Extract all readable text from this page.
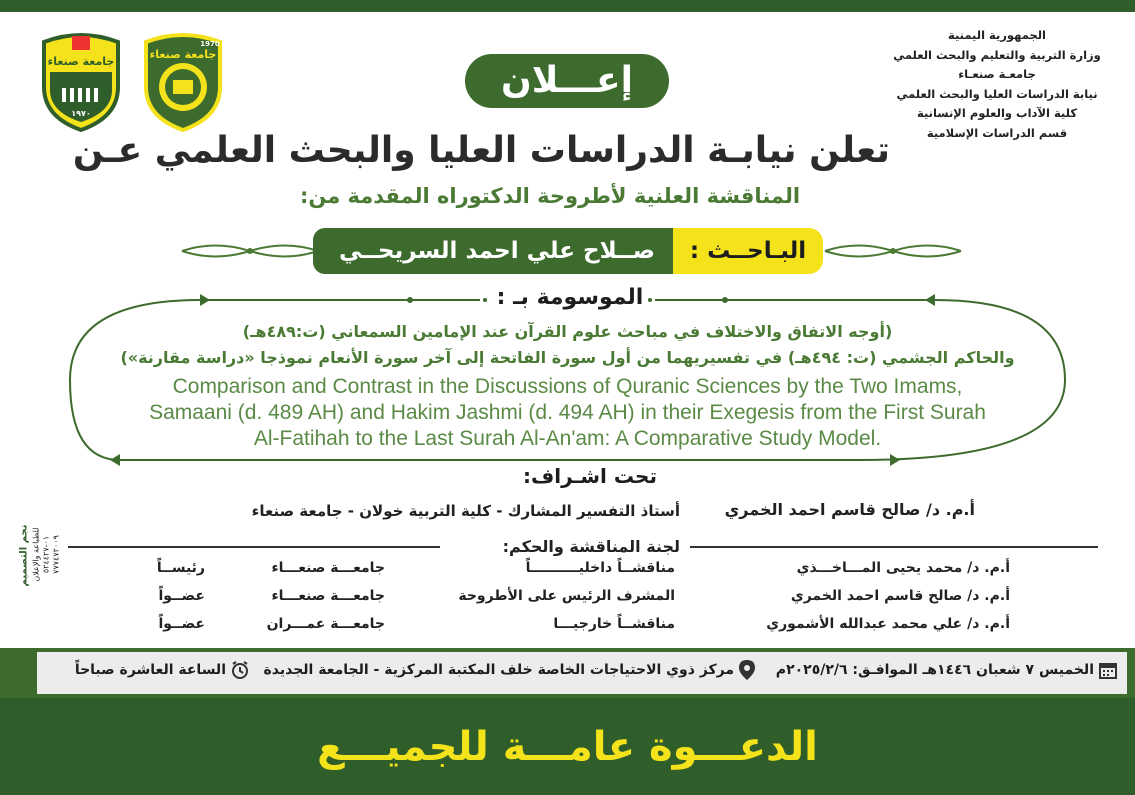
الجمهورية اليمنية
وزارة التربية والتعليم والبحث العلمي
جامعـة صنعـاء
نيابة الدراسات العليا والبحث العلمي
كلية الآداب والعلوم الإنسانية
قسم الدراسات الإسلامية
جامعة صنعاء
١٩٧٠
جامعة صنعاء
1970
إعـــلان
تعلن نيابـة الدراسات العليا والبحث العلمي عـن
المناقشة العلنية لأطروحة الدكتوراه المقدمة من:
صــلاح علي احمد السريحــي	البـاحــث :
الموسومة بـ :
(أوجه الاتفاق والاختلاف في مباحث علوم القرآن عند الإمامين السمعاني (ت:٤٨٩هـ)
والحاكم الجشمي (ت: ٤٩٤هـ) في تفسيريهما من أول سورة الفاتحة إلى آخر سورة الأنعام نموذجا «دراسة مقارنة»)
Comparison and Contrast in the Discussions of Quranic Sciences by the Two Imams,
Samaani (d. 489 AH) and Hakim Jashmi (d. 494 AH) in their Exegesis from the First Surah
Al-Fatihah to the Last Surah Al-An'am: A Comparative Study Model.
تحت اشـراف:
أ.م. د/ صالح قاسم احمد الخمري
أستاذ التفسير المشارك - كلية التربية خولان - جامعة صنعاء
لجنة المناقشة والحكم:
أ.م. د/ محمد يحيى المـــاخـــذي
مناقشــاً داخليــــــــــاً
جامعـــة صنعـــاء
رئيســاً
أ.م. د/ صالح قاسم احمد الخمري
المشرف الرئيس على الأطروحة
جامعـــة صنعـــاء
عضــواً
أ.م. د/ علي محمد عبدالله الأشموري
مناقشــاً خارجيـــا
جامعـــة عمـــران
عضــواً
نجم التصميم للطباعة والإعلان ٠١-٥٢٤٤٢٧ ٧٧٧٤٧٢٠٠٩
الخميس ٧ شعبان ١٤٤٦هـ الموافـق: ٢٠٢٥/٢/٦م
مركز ذوي الاحتياجات الخاصة خلف المكتبة المركزية - الجامعة الجديدة
الساعة العاشرة صباحاً
الدعـــوة عامـــة للجميـــع
